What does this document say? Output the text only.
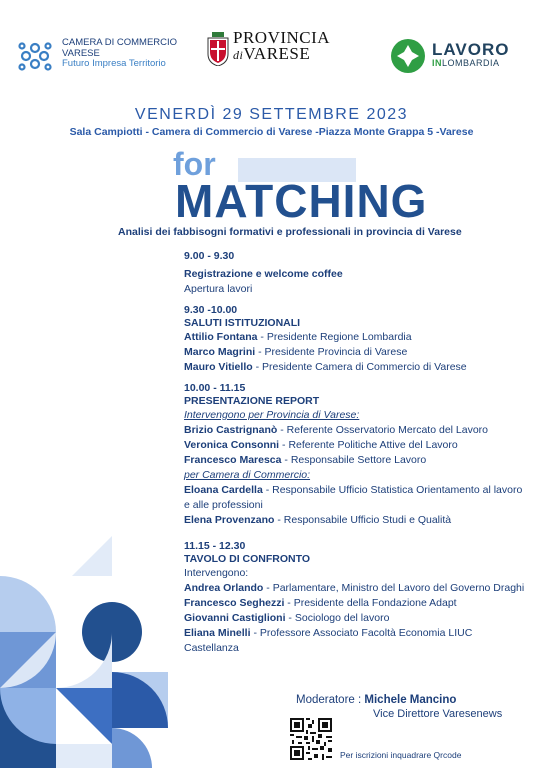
CAMERA DI COMMERCIO
VARESE
Futuro Impresa Territorio
PROVINCIA
diVARESE	LAVORO
INLOMBARDIA
VENERDÌ 29 SETTEMBRE 2023
Sala Campiotti - Camera di Commercio di Varese -Piazza Monte Grappa 5 -Varese
for
MATCHING
Analisi dei fabbisogni formativi e professionali in provincia di Varese
9.00 - 9.30
Registrazione e welcome coffee

Apertura lavori

9.30 -10.00
SALUTI ISTITUZIONALI

Attilio Fontana - Presidente Regione Lombardia

Marco Magrini - Presidente Provincia di Varese

Mauro Vitiello - Presidente Camera di Commercio di Varese

10.00 - 11.15
PRESENTAZIONE REPORT

Intervengono per Provincia di Varese:

Brizio Castrignanò - Referente Osservatorio Mercato del Lavoro

Veronica Consonni - Referente Politiche Attive del Lavoro

Francesco Maresca - Responsabile Settore Lavoro

per Camera di Commercio:

Eloana Cardella - Responsabile Ufficio Statistica Orientamento al lavoro e alle professioni

Elena Provenzano - Responsabile Ufficio Studi e Qualità

11.15 - 12.30
TAVOLO DI CONFRONTO

Intervengono:

Andrea Orlando - Parlamentare, Ministro del Lavoro del Governo Draghi

Francesco Seghezzi - Presidente della Fondazione Adapt

Giovanni Castiglioni - Sociologo del lavoro

Eliana Minelli - Professore Associato Facoltà Economia LIUC Castellanza

Moderatore : Michele Mancino
Vice Direttore Varesenews
Per iscrizioni inquadrare Qrcode
